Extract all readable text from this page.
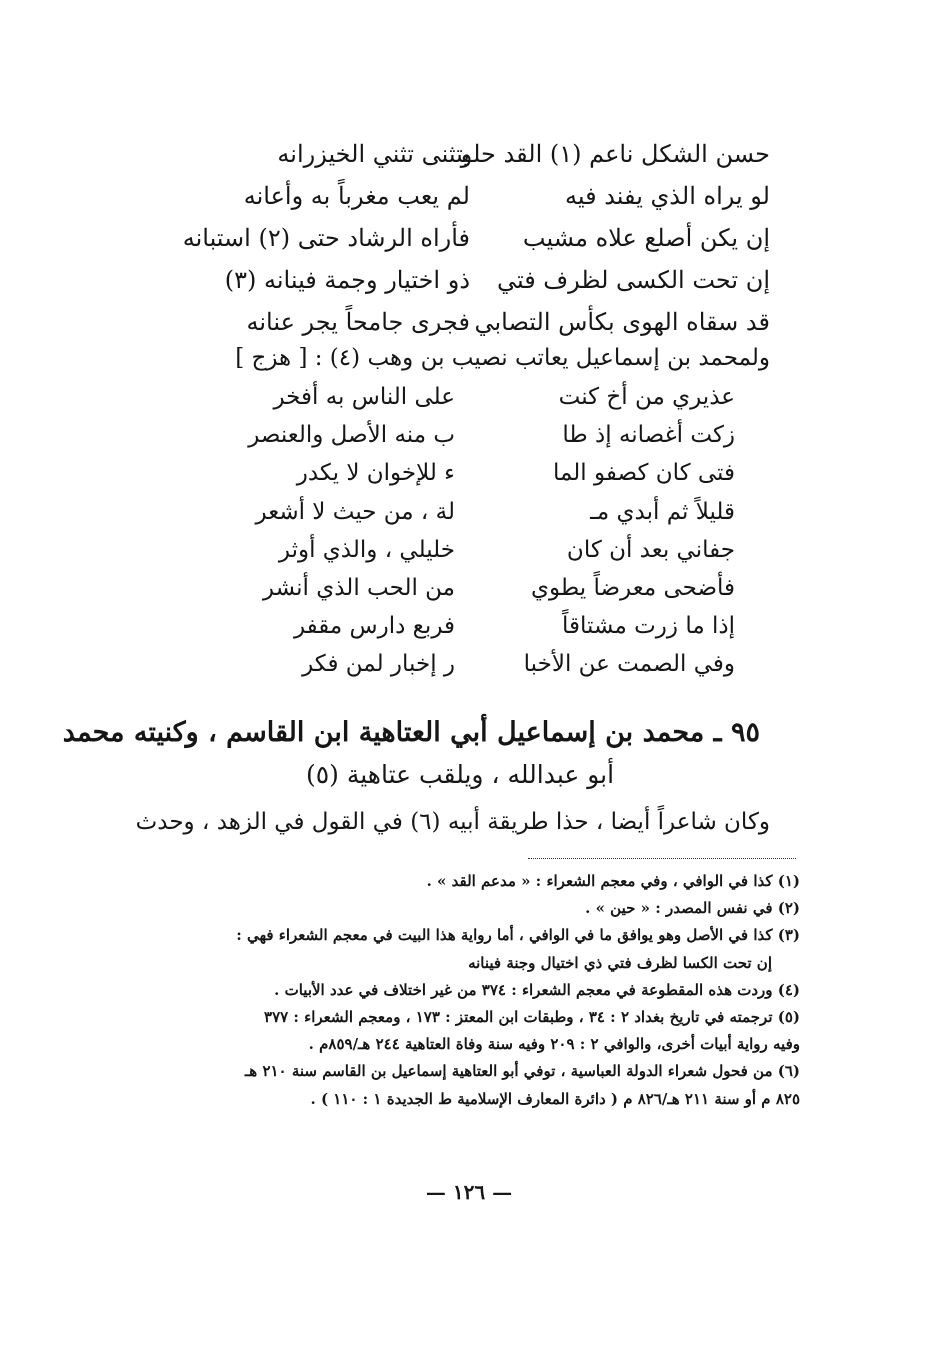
حسن الشكل ناعم (١) القد حلو
يتثنى تثني الخيزرانه
لو يراه الذي يفند فيه
لم يعب مغرباً به وأعانه
إن يكن أصلع علاه مشيب
فأراه الرشاد حتى (٢) استبانه
إن تحت الكسى لظرف فتي
ذو اختيار وجمة فينانه (٣)
قد سقاه الهوى بكأس التصابي
فجرى جامحاً يجر عنانه
ولمحمد بن إسماعيل يعاتب نصيب بن وهب (٤) : [ هزج ]
عذيري من أخ كنت
على الناس به أفخر
زكت أغصانه إذ طا
ب منه الأصل والعنصر
فتى كان كصفو الما
ء للإخوان لا يكدر
قليلاً ثم أبدي مـ
لة ، من حيث لا أشعر
جفاني بعد أن كان
خليلي ، والذي أوثر
فأضحى معرضاً يطوي
من الحب الذي أنشر
إذا ما زرت مشتاقاً
فربع دارس مقفر
وفي الصمت عن الأخبا
ر إخبار لمن فكر
٩٥ ـ محمد بن إسماعيل أبي العتاهية ابن القاسم ، وكنيته محمد
أبو عبدالله ، ويلقب عتاهية (٥)
وكان شاعراً أيضا ، حذا طريقة أبيه (٦) في القول في الزهد ، وحدث
(١) كذا في الوافي ، وفي معجم الشعراء : « مدعم القد » .
(٢) في نفس المصدر : « حين » .
(٣) كذا في الأصل وهو يوافق ما في الوافي ، أما رواية هذا البيت في معجم الشعراء فهي :
إن تحت الكسا لظرف فتي ذي اختيال وجنة فينانه
(٤) وردت هذه المقطوعة في معجم الشعراء : ٣٧٤ من غير اختلاف في عدد الأبيات .
(٥) ترجمته في تاريخ بغداد ٢ : ٣٤ ، وطبقات ابن المعتز : ١٧٣ ، ومعجم الشعراء : ٣٧٧
وفيه رواية أبيات أخرى، والوافي ٢ : ٢٠٩ وفيه سنة وفاة العتاهية ٢٤٤ هـ/٨٥٩م .
(٦) من فحول شعراء الدولة العباسية ، توفي أبو العتاهية إسماعيل بن القاسم سنة ٢١٠ هـ
٨٢٥ م أو سنة ٢١١ هـ/٨٢٦ م ( دائرة المعارف الإسلامية ط الجديدة ١ : ١١٠ ) .
— ١٢٦ —
